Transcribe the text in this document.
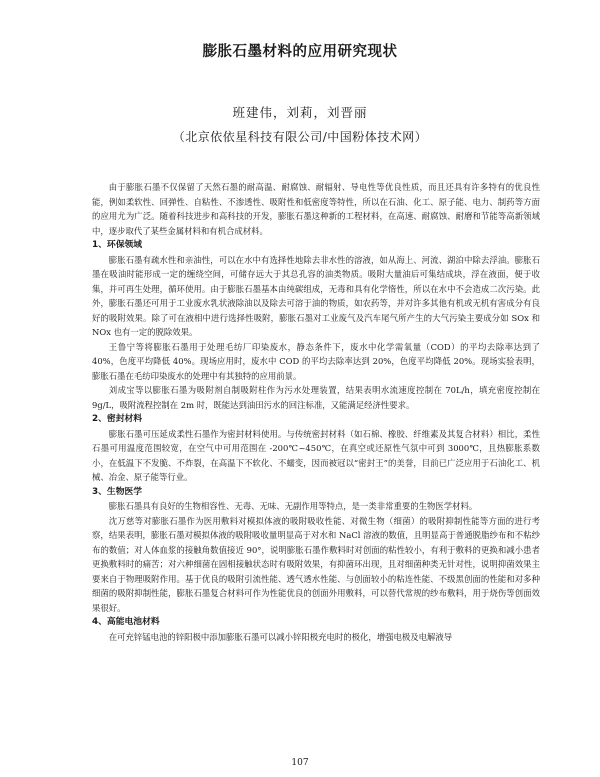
膨胀石墨材料的应用研究现状
班建伟，刘莉，刘晋丽
（北京依依星科技有限公司/中国粉体技术网）

由于膨胀石墨不仅保留了天然石墨的耐高温、耐腐蚀、耐辐射、导电性等优良性质，而且还具有许多特有的优良性能，例如柔软性、回弹性、自粘性、不渗透性、吸附性和低密度等特性，所以在石油、化工、原子能、电力、制药等方面的应用尤为广泛。随着科技进步和高科技的开发，膨胀石墨这种新的工程材料，在高速、耐腐蚀、耐磨和节能等高新领域中，逐步取代了某些金属材料和有机合成材料。

1、环保领域

膨胀石墨有疏水性和亲油性，可以在水中有选择性地除去非水性的溶液，如从海上、河流、湖泊中除去浮油。膨胀石墨在吸油时能形成一定的缠绕空间，可储存远大于其总孔容的油类物质。吸附大量油后可集结成块，浮在液面，便于收集，并可再生处理，循环使用。由于膨胀石墨基本由纯碳组成，无毒和具有化学惰性，所以在水中不会造成二次污染。此外，膨胀石墨还可用于工业废水乳状液除油以及除去可溶于油的物质，如农药等，并对许多其他有机或无机有害成分有良好的吸附效果。除了可在液相中进行选择性吸附，膨胀石墨对工业废气及汽车尾气所产生的大气污染主要成分如 SOx 和 NOx 也有一定的脱除效果。

王鲁宁等将膨胀石墨用于处理毛纺厂印染废水，静态条件下，废水中化学需氧量（COD）的平均去除率达到了 40%，色度平均降低 40%。现场应用时，废水中 COD 的平均去除率达到 20%，色度平均降低 20%。现场实验表明，膨胀石墨在毛纺印染废水的处理中有其独特的应用前景。

刘成宝等以膨胀石墨为吸附剂自制吸附柱作为污水处理装置，结果表明水流速度控制在 70L/h，填充密度控制在 9g/L，吸附流程控制在 2m 时，既能达到油田污水的回注标准，又能满足经济性要求。

2、密封材料

膨胀石墨可压延成柔性石墨作为密封材料使用。与传统密封材料（如石棉、橡胶、纤维素及其复合材料）相比，柔性石墨可用温度范围较宽，在空气中可用范围在 -200℃~450℃，在真空或还原性气氛中可到 3000℃，且热膨胀系数小，在低温下不发脆、不炸裂，在高温下不软化、不蠕变，因而被冠以“密封王”的美誉，目前已广泛应用于石油化工、机械、冶金、原子能等行业。

3、生物医学

膨胀石墨具有良好的生物相容性、无毒、无味、无副作用等特点，是一类非常重要的生物医学材料。

沈万慈等对膨胀石墨作为医用敷料对模拟体液的吸附吸收性能、对微生物（细菌）的吸附抑制性能等方面的进行考察，结果表明，膨胀石墨对模拟体液的吸附吸收量明显高于对水和 NaCl 溶液的数值，且明显高于普通脱脂纱布和不粘纱布的数值；对人体血浆的接触角数值接近 90°，说明膨胀石墨作敷料时对创面的粘性较小，有利于敷料的更换和减小患者更换敷料时的痛苦；对六种细菌在固相接触状态时有吸附效果，有抑菌环出现，且对细菌种类无针对性，说明抑菌效果主要来自于物理吸附作用。基于优良的吸附引流性能、透气透水性能、与创面较小的粘连性能、不级黑创面的性能和对多种细菌的吸附抑制性能，膨胀石墨复合材料可作为性能优良的创面外用敷料，可以替代常规的纱布敷料，用于烧伤等创面效果很好。

4、高能电池材料

在可充锌锰电池的锌阳极中添加膨胀石墨可以减小锌阳极充电时的极化，增强电极及电解液导

107
